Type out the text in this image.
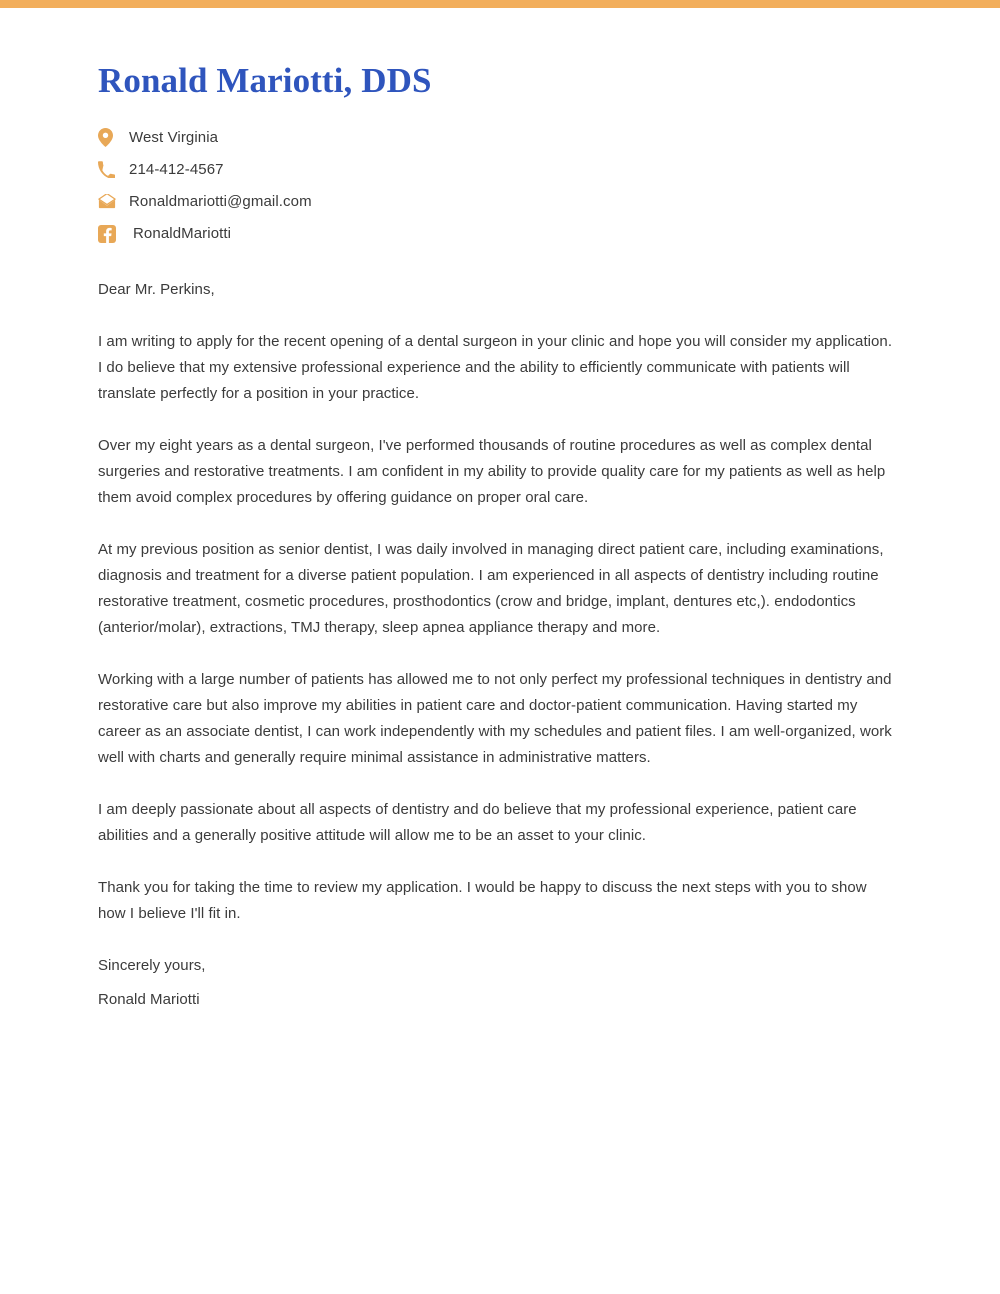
Ronald Mariotti, DDS
West Virginia
214-412-4567
Ronaldmariotti@gmail.com
RonaldMariotti
Dear Mr. Perkins,

I am writing to apply for the recent opening of a dental surgeon in your clinic and hope you will consider my application. I do believe that my extensive professional experience and the ability to efficiently communicate with patients will translate perfectly for a position in your practice.

Over my eight years as a dental surgeon, I've performed thousands of routine procedures as well as complex dental surgeries and restorative treatments. I am confident in my ability to provide quality care for my patients as well as help them avoid complex procedures by offering guidance on proper oral care.

At my previous position as senior dentist, I was daily involved in managing direct patient care, including examinations, diagnosis and treatment for a diverse patient population. I am experienced in all aspects of dentistry including routine restorative treatment, cosmetic procedures, prosthodontics (crow and bridge, implant, dentures etc,). endodontics (anterior/molar), extractions, TMJ therapy, sleep apnea appliance therapy and more.

Working with a large number of patients has allowed me to not only perfect my professional techniques in dentistry and restorative care but also improve my abilities in patient care and doctor-patient communication. Having started my career as an associate dentist, I can work independently with my schedules and patient files. I am well-organized, work well with charts and generally require minimal assistance in administrative matters.

I am deeply passionate about all aspects of dentistry and do believe that my professional experience, patient care abilities and a generally positive attitude will allow me to be an asset to your clinic.

Thank you for taking the time to review my application. I would be happy to discuss the next steps with you to show how I believe I'll fit in.

Sincerely yours,
Ronald Mariotti
